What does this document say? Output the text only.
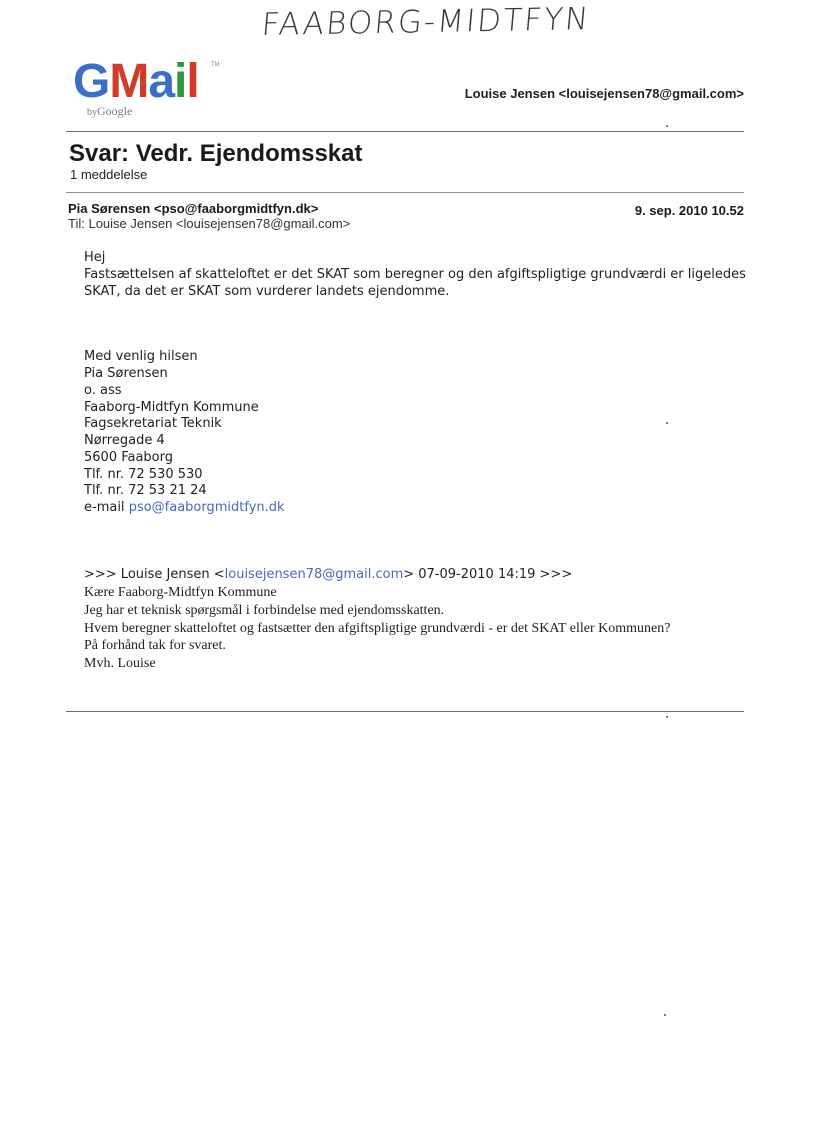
FAABORG-MIDTFYN
GMail	TM
byGoogle
Louise Jensen <louisejensen78@gmail.com>
Svar: Vedr. Ejendomsskat
1 meddelelse
Pia Sørensen <pso@faaborgmidtfyn.dk>	9. sep. 2010 10.52
Til: Louise Jensen <louisejensen78@gmail.com>
Hej
Fastsættelsen af skatteloftet er det SKAT som beregner og den afgiftspligtige grundværdi er ligeledes
SKAT, da det er SKAT som vurderer landets ejendomme.
Med venlig hilsen
Pia Sørensen
o. ass
Faaborg-Midtfyn Kommune
Fagsekretariat Teknik
Nørregade 4
5600 Faaborg
Tlf. nr. 72 530 530
Tlf. nr. 72 53 21 24
e-mail pso@faaborgmidtfyn.dk
>>> Louise Jensen <louisejensen78@gmail.com> 07-09-2010 14:19 >>>
Kære Faaborg-Midtfyn Kommune
Jeg har et teknisk spørgsmål i forbindelse med ejendomsskatten.
Hvem beregner skatteloftet og fastsætter den afgiftspligtige grundværdi - er det SKAT eller Kommunen?
På forhånd tak for svaret.
Mvh. Louise
